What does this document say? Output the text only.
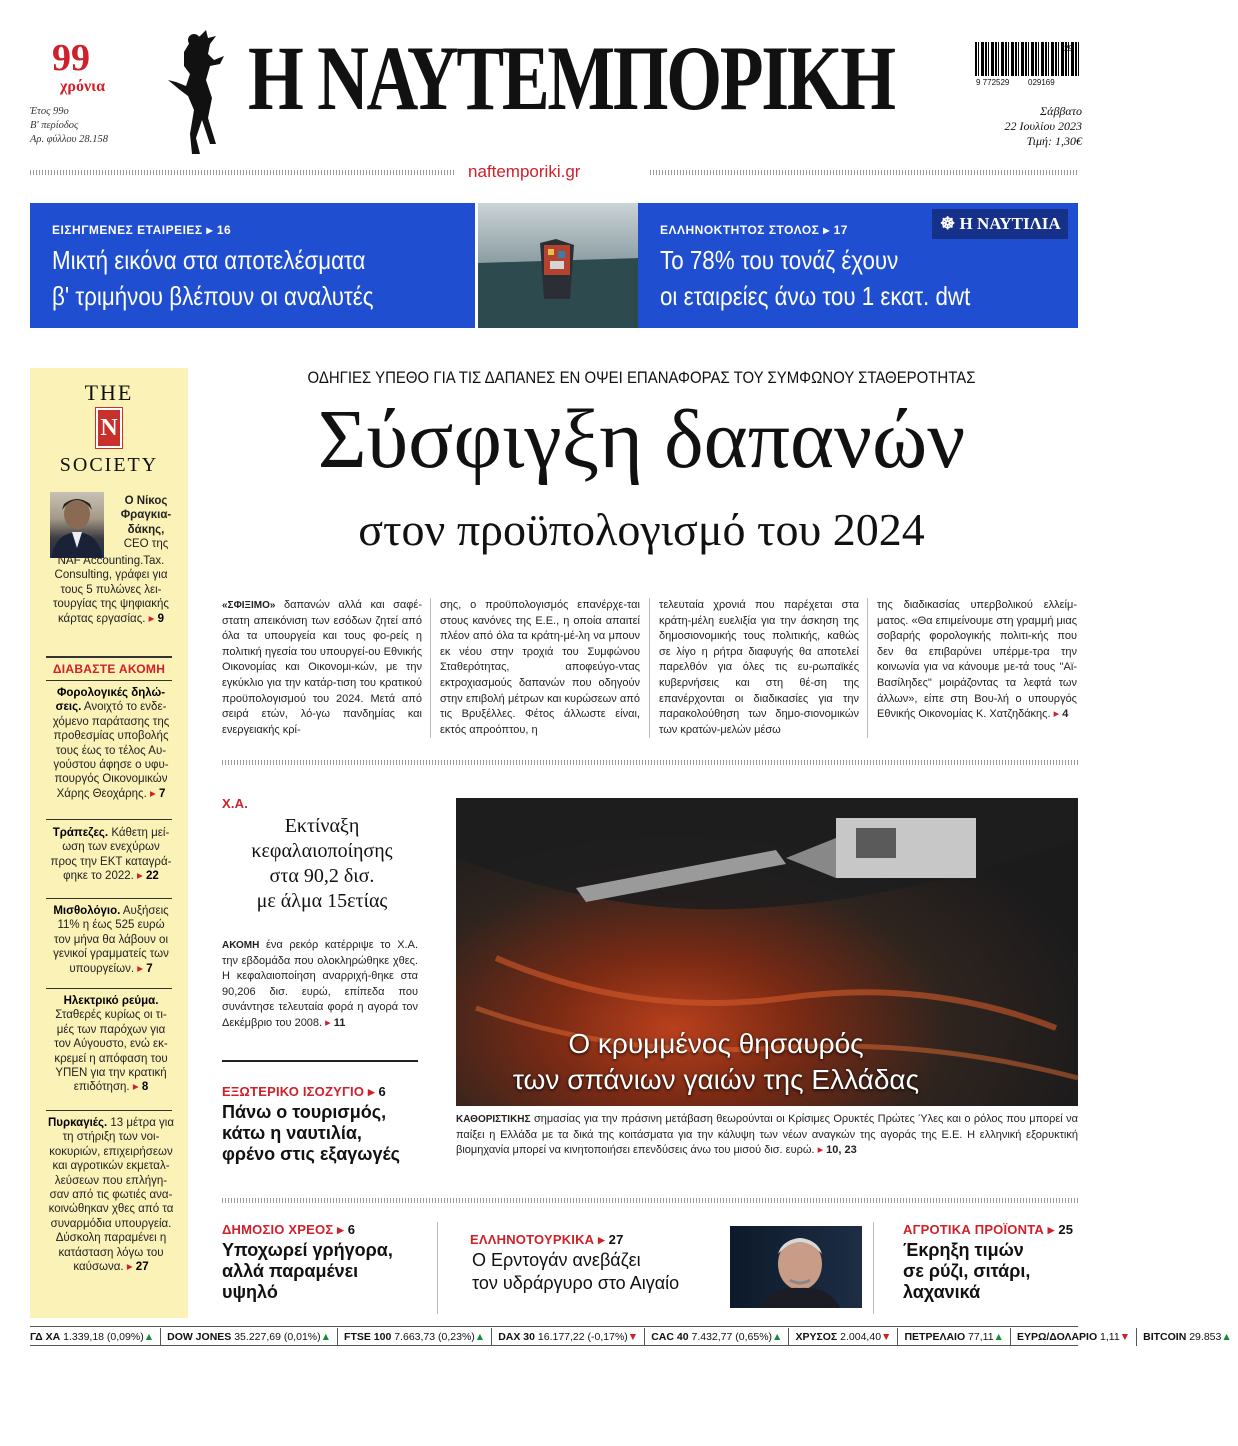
99
χρόνια
Έτος 99ο
Β' περίοδος
Αρ. φύλλου 28.158
Η ΝΑΥΤΕΜΠΟΡΙΚΗ	9 772529 029169
29
Σάββατο
22 Ιουλίου 2023
Τιμή: 1,30€
naftemporiki.gr
ΕΙΣΗΓΜΕΝΕΣ ΕΤΑΙΡΕΙΕΣ ▸ 16
Μικτή εικόνα στα αποτελέσματα
β' τριμήνου βλέπουν οι αναλυτές
ΕΛΛΗΝΟΚΤΗΤΟΣ ΣΤΟΛΟΣ ▸ 17	☸ Η ΝΑΥΤΙΛΙΑ
Το 78% του τονάζ έχουν
οι εταιρείες άνω του 1 εκατ. dwt
THE
N
SOCIETY
Ο Νίκος
Φραγκια-
δάκης,
CEO της
NAF Accounting.Tax. Consulting, γράφει για τους 5 πυλώνες λει-τουργίας της ψηφιακής κάρτας εργασίας. ▸ 9
ΔΙΑΒΑΣΤΕ ΑΚΟΜΗ
Φορολογικές δηλώ-σεις. Ανοιχτό το ενδε-χόμενο παράτασης της προθεσμίας υποβολής τους έως το τέλος Αυ-γούστου άφησε ο υφυ-πουργός Οικονομικών Χάρης Θεοχάρης. ▸ 7
Τράπεζες. Κάθετη μεί-ωση των ενεχύρων προς την ΕΚΤ καταγρά-φηκε το 2022. ▸ 22
Μισθολόγιο. Αυξήσεις 11% η έως 525 ευρώ τον μήνα θα λάβουν οι γενικοί γραμματείς των υπουργείων. ▸ 7
Ηλεκτρικό ρεύμα. Σταθερές κυρίως οι τι-μές των παρόχων για τον Αύγουστο, ενώ εκ-κρεμεί η απόφαση του ΥΠΕΝ για την κρατική επιδότηση. ▸ 8
Πυρκαγιές. 13 μέτρα για τη στήριξη των νοι-κοκυριών, επιχειρήσεων και αγροτικών εκμεταλ-λεύσεων που επλήγη-σαν από τις φωτιές ανα-κοινώθηκαν χθες από τα συναρμόδια υπουργεία. Δύσκολη παραμένει η κατάσταση λόγω του καύσωνα. ▸ 27
ΟΔΗΓΙΕΣ ΥΠΕΘΟ ΓΙΑ ΤΙΣ ΔΑΠΑΝΕΣ ΕΝ ΟΨΕΙ ΕΠΑΝΑΦΟΡΑΣ ΤΟΥ ΣΥΜΦΩΝΟΥ ΣΤΑΘΕΡΟΤΗΤΑΣ
Σύσφιγξη δαπανών
στον προϋπολογισμό του 2024
«ΣΦΙΞΙΜΟ» δαπανών αλλά και σαφέ-στατη απεικόνιση των εσόδων ζητεί από όλα τα υπουργεία και τους φο-ρείς η πολιτική ηγεσία του υπουργεί-ου Εθνικής Οικονομίας και Οικονομι-κών, με την εγκύκλιο για την κατάρ-τιση του κρατικού προϋπολογισμού του 2024. Μετά από σειρά ετών, λό-γω πανδημίας και ενεργειακής κρί-
σης, ο προϋπολογισμός επανέρχε-ται στους κανόνες της Ε.Ε., η οποία απαιτεί πλέον από όλα τα κράτη-μέ-λη να μπουν εκ νέου στην τροχιά του Συμφώνου Σταθερότητας, αποφεύγο-ντας εκτροχιασμούς δαπανών που οδηγούν στην επιβολή μέτρων και κυρώσεων από τις Βρυξέλλες. Φέτος άλλωστε είναι, εκτός απροόπτου, η
τελευταία χρονιά που παρέχεται στα κράτη-μέλη ευελιξία για την άσκηση της δημοσιονομικής τους πολιτικής, καθώς σε λίγο η ρήτρα διαφυγής θα αποτελεί παρελθόν για όλες τις ευ-ρωπαϊκές κυβερνήσεις και στη θέ-ση της επανέρχονται οι διαδικασίες για την παρακολούθηση των δημο-σιονομικών των κρατών-μελών μέσω
της διαδικασίας υπερβολικού ελλείμ-ματος. «Θα επιμείνουμε στη γραμμή μιας σοβαρής φορολογικής πολιτι-κής που δεν θα επιβαρύνει υπέρμε-τρα την κοινωνία για να κάνουμε με-τά τους "Αϊ-Βασίληδες" μοιράζοντας τα λεφτά των άλλων», είπε στη Βου-λή ο υπουργός Εθνικής Οικονομίας Κ. Χατζηδάκης. ▸ 4
Χ.Α.
Εκτίναξη
κεφαλαιοποίησης
στα 90,2 δισ.
με άλμα 15ετίας
ΑΚΟΜΗ ένα ρεκόρ κατέρριψε το Χ.Α. την εβδομάδα που ολοκληρώθηκε χθες. Η κεφαλαιοποίηση αναρριχή-θηκε στα 90,206 δισ. ευρώ, επίπεδα που συνάντησε τελευταία φορά η αγορά τον Δεκέμβριο του 2008. ▸ 11
ΕΞΩΤΕΡΙΚΟ ΙΣΟΖΥΓΙΟ ▸ 6
Πάνω ο τουρισμός,
κάτω η ναυτιλία,
φρένο στις εξαγωγές
Ο κρυμμένος θησαυρός
των σπάνιων γαιών της Ελλάδας
ΚΑΘΟΡΙΣΤΙΚΗΣ σημασίας για την πράσινη μετάβαση θεωρούνται οι Κρίσιμες Ορυκτές Πρώτες Ύλες και ο ρόλος που μπορεί να παίξει η Ελλάδα με τα δικά της κοιτάσματα για την κάλυψη των νέων αναγκών της αγοράς της Ε.Ε. Η ελληνική εξορυκτική βιομηχανία μπορεί να κινητοποιήσει επενδύσεις άνω του μισού δισ. ευρώ. ▸ 10, 23
ΔΗΜΟΣΙΟ ΧΡΕΟΣ ▸ 6
Υποχωρεί γρήγορα,
αλλά παραμένει
υψηλό
ΕΛΛΗΝΟΤΟΥΡΚΙΚΑ ▸ 27
Ο Ερντογάν ανεβάζει
τον υδράργυρο στο Αιγαίο
ΑΓΡΟΤΙΚΑ ΠΡΟΪΟΝΤΑ ▸ 25
Έκρηξη τιμών
σε ρύζι, σιτάρι,
λαχανικά
ΓΔ ΧΑ 1.339,18 (0,09%)▲ DOW JONES 35.227,69 (0,01%)▲ FTSE 100 7.663,73 (0,23%)▲ DAX 30 16.177,22 (-0,17%)▼ CAC 40 7.432,77 (0,65%)▲ ΧΡΥΣΟΣ 2.004,40▼ ΠΕΤΡΕΛΑΙΟ 77,11▲ ΕΥΡΩ/ΔΟΛΑΡΙΟ 1,11▼ BITCOIN 29.853▲
